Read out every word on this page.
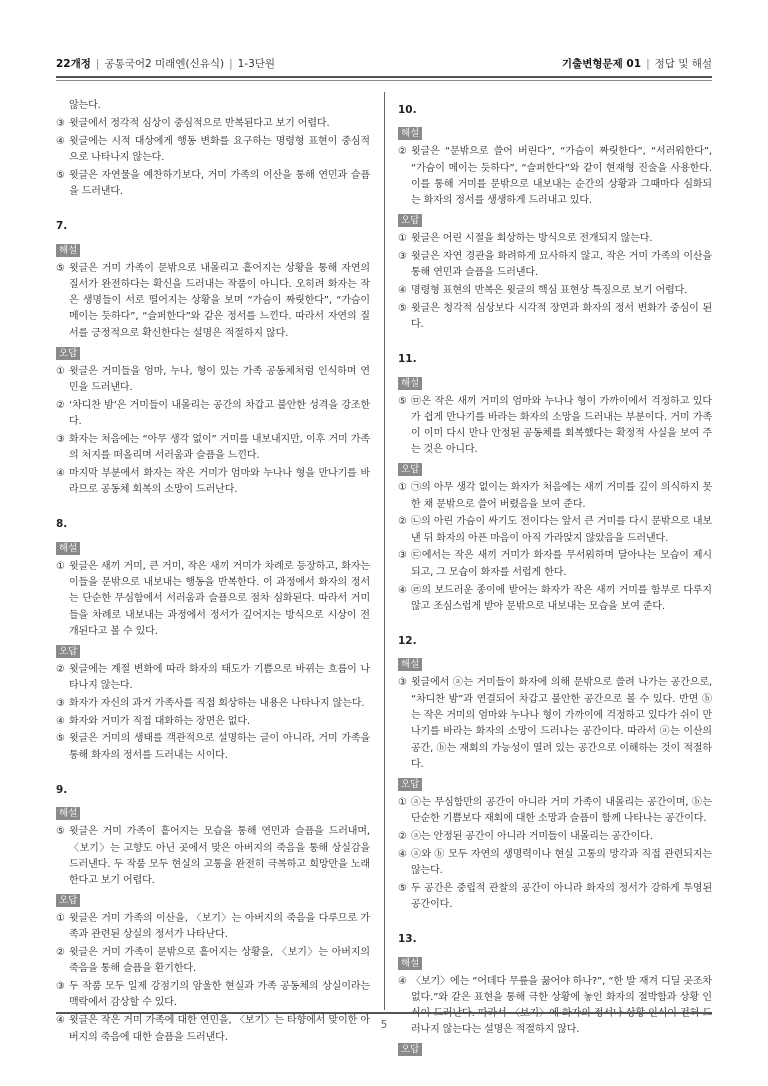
22개정 | 공통국어2 미래엔(신유식) | 1-3단원	기출변형문제 01 | 정답 및 해설
않는다.
③ 윗글에서 정각적 심상이 중심적으로 반복된다고 보기 어렵다.
④ 윗글에는 시적 대상에게 행동 변화를 요구하는 명령형 표현이 중심적으로 나타나지 않는다.
⑤ 윗글은 자연물을 예찬하기보다, 거미 가족의 이산을 통해 연민과 슬픔을 드러낸다.
7.
해설
⑤ 윗글은 거미 가족이 문밖으로 내몰리고 흩어지는 상황을 통해 자연의 질서가 완전하다는 확신을 드러내는 작품이 아니다. 오히려 화자는 작은 생명들이 서로 떨어지는 상황을 보며 “가슴이 짜릿한다”, “가슴이 메이는 듯하다”, “슬퍼한다”와 같은 정서를 느낀다. 따라서 자연의 질서를 긍정적으로 확신한다는 설명은 적절하지 않다.
오답
① 윗글은 거미들을 엄마, 누나, 형이 있는 가족 공동체처럼 인식하며 연민을 드러낸다.
② ‘차디찬 밤’은 거미들이 내몰리는 공간의 차갑고 불안한 성격을 강조한다.
③ 화자는 처음에는 “아무 생각 없이” 거미를 내보내지만, 이후 거미 가족의 처지를 떠올리며 서러움과 슬픔을 느낀다.
④ 마지막 부분에서 화자는 작은 거미가 엄마와 누나나 형을 만나기를 바라므로 공동체 회복의 소망이 드러난다.
8.
해설
① 윗글은 새끼 거미, 큰 거미, 작은 새끼 거미가 차례로 등장하고, 화자는 이들을 문밖으로 내보내는 행동을 반복한다. 이 과정에서 화자의 정서는 단순한 무심함에서 서러움과 슬픔으로 점차 심화된다. 따라서 거미들을 차례로 내보내는 과정에서 정서가 깊어지는 방식으로 시상이 전개된다고 볼 수 있다.
오답
② 윗글에는 계절 변화에 따라 화자의 태도가 기쁨으로 바뀌는 흐름이 나타나지 않는다.
③ 화자가 자신의 과거 가족사를 직접 회상하는 내용은 나타나지 않는다.
④ 화자와 거미가 직접 대화하는 장면은 없다.
⑤ 윗글은 거미의 생태를 객관적으로 설명하는 글이 아니라, 거미 가족을 통해 화자의 정서를 드러내는 시이다.
9.
해설
⑤ 윗글은 거미 가족이 흩어지는 모습을 통해 연민과 슬픔을 드러내며, 〈보기〉는 고향도 아닌 곳에서 맞은 아버지의 죽음을 통해 상실감을 드러낸다. 두 작품 모두 현실의 고통을 완전히 극복하고 희망만을 노래한다고 보기 어렵다.
오답
① 윗글은 거미 가족의 이산을, 〈보기〉는 아버지의 죽음을 다루므로 가족과 관련된 상실의 정서가 나타난다.
② 윗글은 거미 가족이 문밖으로 흩어지는 상황을, 〈보기〉는 아버지의 죽음을 통해 슬픔을 환기한다.
③ 두 작품 모두 일제 강점기의 암울한 현실과 가족 공동체의 상실이라는 맥락에서 감상할 수 있다.
④ 윗글은 작은 거미 가족에 대한 연민을, 〈보기〉는 타향에서 맞이한 아버지의 죽음에 대한 슬픔을 드러낸다.
10.
해설
② 윗글은 “문밖으로 쓸어 버린다”, “가슴이 짜릿한다”, “서러워한다”, “가슴이 메이는 듯하다”, “슬퍼한다”와 같이 현재형 진술을 사용한다. 이를 통해 거미를 문밖으로 내보내는 순간의 상황과 그때마다 심화되는 화자의 정서를 생생하게 드러내고 있다.
오답
① 윗글은 어린 시절을 회상하는 방식으로 전개되지 않는다.
③ 윗글은 자연 경관을 화려하게 묘사하지 않고, 작은 거미 가족의 이산을 통해 연민과 슬픔을 드러낸다.
④ 명령형 표현의 반복은 윗글의 핵심 표현상 특징으로 보기 어렵다.
⑤ 윗글은 청각적 심상보다 시각적 장면과 화자의 정서 변화가 중심이 된다.
11.
해설
⑤ ㉤은 작은 새끼 거미의 엄마와 누나나 형이 가까이에서 걱정하고 있다가 쉽게 만나기를 바라는 화자의 소망을 드러내는 부분이다. 거미 가족이 이미 다시 만나 안정된 공동체를 회복했다는 확정적 사실을 보여 주는 것은 아니다.
오답
① ㉠의 아무 생각 없이는 화자가 처음에는 새끼 거미를 깊이 의식하지 못한 채 문밖으로 쓸어 버렸음을 보여 준다.
② ㉡의 아린 가슴이 싸기도 전이다는 앞서 큰 거미를 다시 문밖으로 내보낸 뒤 화자의 아픈 마음이 아직 가라앉지 않았음을 드러낸다.
③ ㉢에서는 작은 새끼 거미가 화자를 무서워하며 달아나는 모습이 제시되고, 그 모습이 화자를 서럽게 한다.
④ ㉣의 보드러운 종이에 받어는 화자가 작은 새끼 거미를 함부로 다루지 않고 조심스럽게 받아 문밖으로 내보내는 모습을 보여 준다.
12.
해설
③ 윗글에서 ⓐ는 거미들이 화자에 의해 문밖으로 쓸려 나가는 공간으로, “차디찬 밤”과 연결되어 차갑고 불안한 공간으로 볼 수 있다. 반면 ⓑ는 작은 거미의 엄마와 누나나 형이 가까이에 걱정하고 있다가 쉬이 만나기를 바라는 화자의 소망이 드러나는 공간이다. 따라서 ⓐ는 이산의 공간, ⓑ는 재회의 가능성이 열려 있는 공간으로 이해하는 것이 적절하다.
오답
① ⓐ는 무심함만의 공간이 아니라 거미 가족이 내몰리는 공간이며, ⓑ는 단순한 기쁨보다 재회에 대한 소망과 슬픔이 함께 나타나는 공간이다.
② ⓐ는 안정된 공간이 아니라 거미들이 내몰리는 공간이다.
④ ⓐ와 ⓑ 모두 자연의 생명력이나 현실 고통의 망각과 직접 관련되지는 않는다.
⑤ 두 공간은 중립적 관찰의 공간이 아니라 화자의 정서가 강하게 투영된 공간이다.
13.
해설
④ 〈보기〉에는 “어데다 무릎을 꿇어야 하나?”, “한 발 재겨 디딜 곳조차 없다.”와 같은 표현을 통해 극한 상황에 놓인 화자의 절박함과 상황 인식이 드러난다. 따라서 〈보기〉에 화자의 정서나 상황 인식이 전혀 드러나지 않는다는 설명은 적절하지 않다.
오답
5
